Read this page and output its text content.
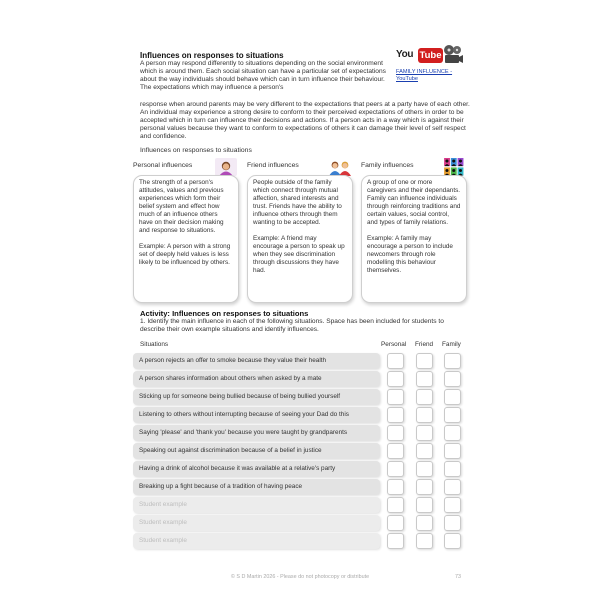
Influences on responses to situations
A person may respond differently to situations depending on the social environment which is around them. Each social situation can have a particular set of expectations about the way individuals should behave which can in turn influence their behaviour. The expectations which may influence a person's
response when around parents may be very different to the expectations that peers at a party have of each other. An individual may experience a strong desire to conform to their perceived expectations of others in order to be accepted which in turn can influence their decisions and actions. If a person acts in a way which is against their personal values because they want to conform to expectations of others it can damage their level of self respect and confidence.
You Tube
FAMILY INFLUENCE - YouTube
Influences on responses to situations
Personal influences

The strength of a person's attitudes, values and previous experiences which form their belief system and effect how much of an influence others have on their decision making and response to situations.

Example: A person with a strong set of deeply held values is less likely to be influenced by others.

Friend influences

People outside of the family which connect through mutual affection, shared interests and trust. Friends have the ability to influence others through them wanting to be accepted.

Example: A friend may encourage a person to speak up when they see discrimination through discussions they have had.

Family influences

A group of one or more caregivers and their dependants. Family can influence individuals through reinforcing traditions and certain values, social control, and types of family relations.

Example: A family may encourage a person to include newcomers through role modelling this behaviour themselves.

Activity: Influences on responses to situations
1. Identify the main influence in each of the following situations. Space has been included for students to describe their own example situations and identify influences.
Situations	Personal Friend Family
A person rejects an offer to smoke because they value their health
A person shares information about others when asked by a mate
Sticking up for someone being bullied because of being bullied yourself
Listening to others without interrupting because of seeing your Dad do this
Saying 'please' and 'thank you' because you were taught by grandparents
Speaking out against discrimination because of a belief in justice
Having a drink of alcohol because it was available at a relative's party
Breaking up a fight because of a tradition of having peace
Student example
Student example
Student example
© S D Martin 2026 - Please do not photocopy or distribute	73
